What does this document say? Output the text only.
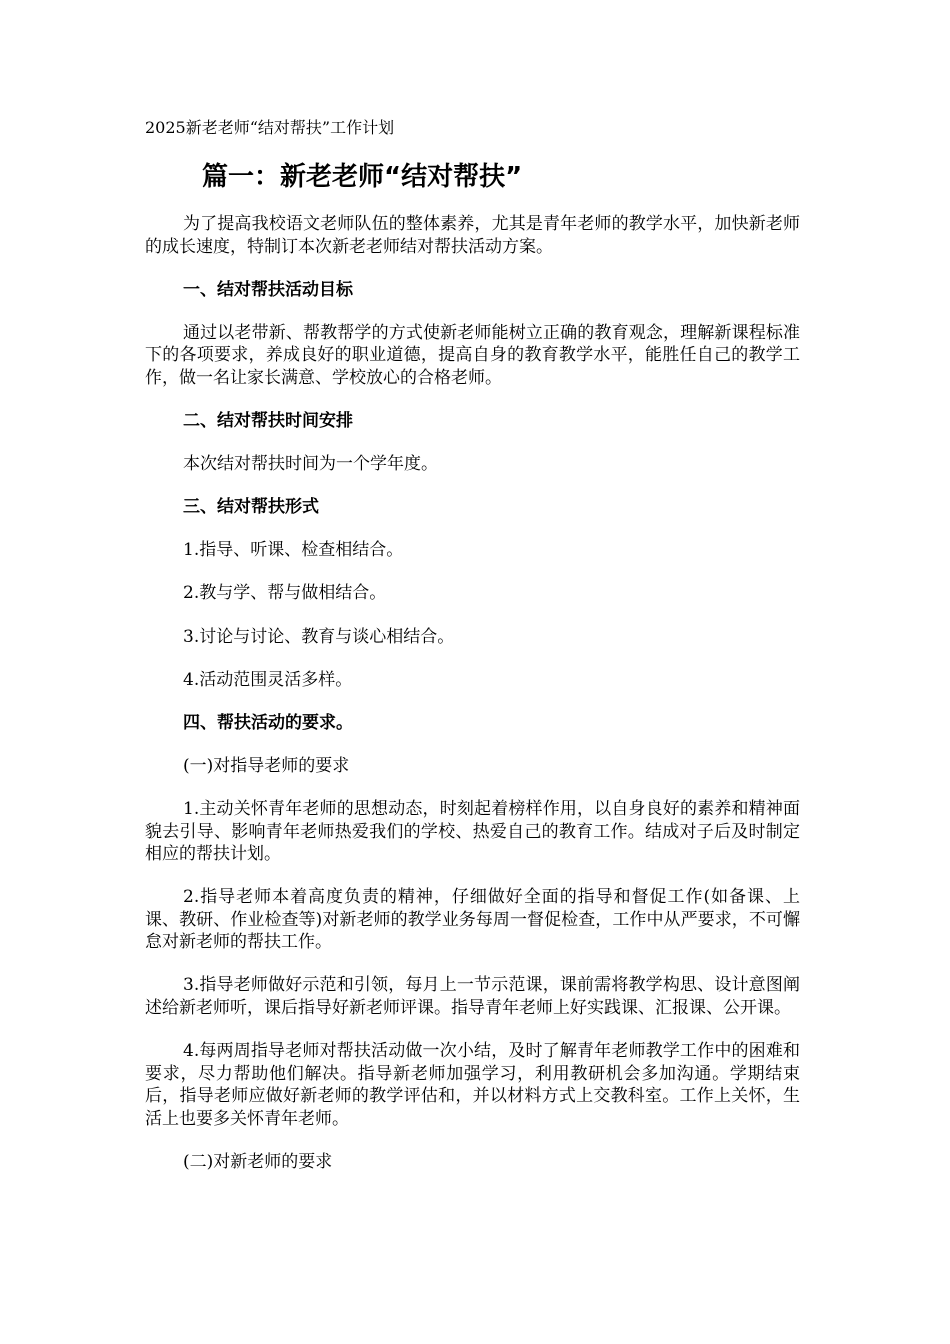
2025新老老师“结对帮扶”工作计划
篇一：新老老师“结对帮扶”
为了提高我校语文老师队伍的整体素养，尤其是青年老师的教学水平，加快新老师的成长速度，特制订本次新老老师结对帮扶活动方案。
一、结对帮扶活动目标
通过以老带新、帮教帮学的方式使新老师能树立正确的教育观念，理解新课程标准下的各项要求，养成良好的职业道德，提高自身的教育教学水平，能胜任自己的教学工作，做一名让家长满意、学校放心的合格老师。
二、结对帮扶时间安排
本次结对帮扶时间为一个学年度。
三、结对帮扶形式
1.指导、听课、检查相结合。
2.教与学、帮与做相结合。
3.讨论与讨论、教育与谈心相结合。
4.活动范围灵活多样。
四、帮扶活动的要求。
(一)对指导老师的要求
1.主动关怀青年老师的思想动态，时刻起着榜样作用，以自身良好的素养和精神面貌去引导、影响青年老师热爱我们的学校、热爱自己的教育工作。结成对子后及时制定相应的帮扶计划。
2.指导老师本着高度负责的精神，仔细做好全面的指导和督促工作(如备课、上课、教研、作业检查等)对新老师的教学业务每周一督促检查，工作中从严要求，不可懈怠对新老师的帮扶工作。
3.指导老师做好示范和引领，每月上一节示范课，课前需将教学构思、设计意图阐述给新老师听，课后指导好新老师评课。指导青年老师上好实践课、汇报课、公开课。
4.每两周指导老师对帮扶活动做一次小结，及时了解青年老师教学工作中的困难和要求，尽力帮助他们解决。指导新老师加强学习，利用教研机会多加沟通。学期结束后，指导老师应做好新老师的教学评估和，并以材料方式上交教科室。工作上关怀，生活上也要多关怀青年老师。
(二)对新老师的要求
